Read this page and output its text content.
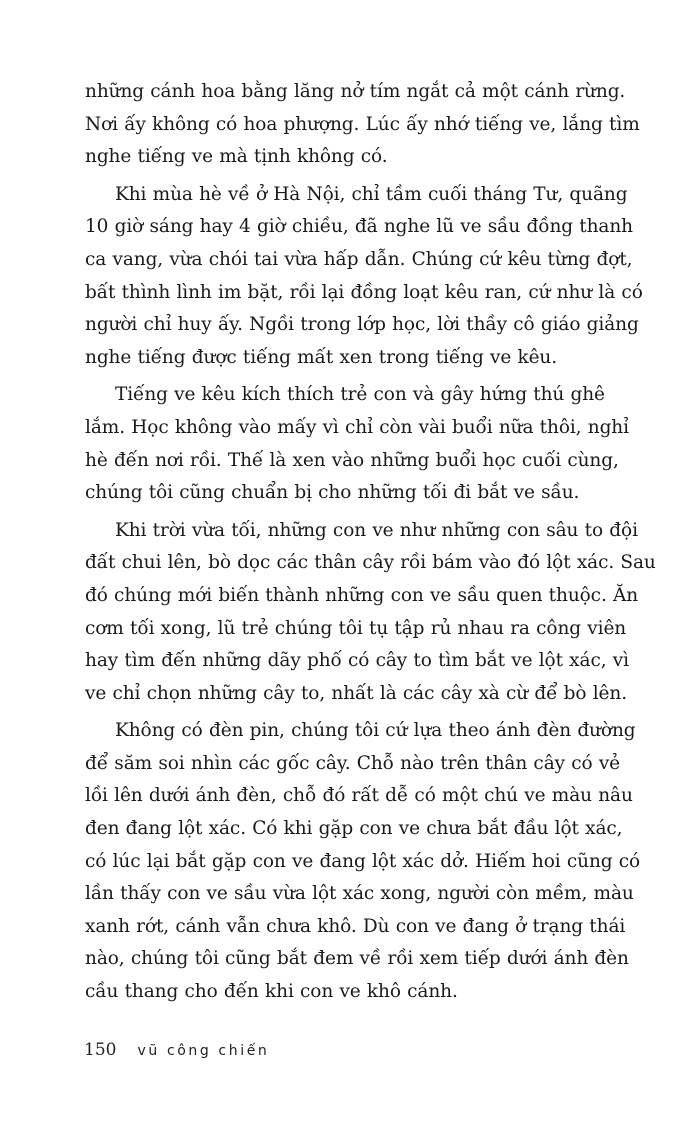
những cánh hoa bằng lăng nở tím ngắt cả một cánh rừng.
Nơi ấy không có hoa phượng. Lúc ấy nhớ tiếng ve, lắng tìm
nghe tiếng ve mà tịnh không có.
Khi mùa hè về ở Hà Nội, chỉ tầm cuối tháng Tư, quãng
10 giờ sáng hay 4 giờ chiều, đã nghe lũ ve sầu đồng thanh
ca vang, vừa chói tai vừa hấp dẫn. Chúng cứ kêu từng đợt,
bất thình lình im bặt, rồi lại đồng loạt kêu ran, cứ như là có
người chỉ huy ấy. Ngồi trong lớp học, lời thầy cô giáo giảng
nghe tiếng được tiếng mất xen trong tiếng ve kêu.
Tiếng ve kêu kích thích trẻ con và gây hứng thú ghê
lắm. Học không vào mấy vì chỉ còn vài buổi nữa thôi, nghỉ
hè đến nơi rồi. Thế là xen vào những buổi học cuối cùng,
chúng tôi cũng chuẩn bị cho những tối đi bắt ve sầu.
Khi trời vừa tối, những con ve như những con sâu to đội
đất chui lên, bò dọc các thân cây rồi bám vào đó lột xác. Sau
đó chúng mới biến thành những con ve sầu quen thuộc. Ăn
cơm tối xong, lũ trẻ chúng tôi tụ tập rủ nhau ra công viên
hay tìm đến những dãy phố có cây to tìm bắt ve lột xác, vì
ve chỉ chọn những cây to, nhất là các cây xà cừ để bò lên.
Không có đèn pin, chúng tôi cứ lựa theo ánh đèn đường
để săm soi nhìn các gốc cây. Chỗ nào trên thân cây có vẻ
lồi lên dưới ánh đèn, chỗ đó rất dễ có một chú ve màu nâu
đen đang lột xác. Có khi gặp con ve chưa bắt đầu lột xác,
có lúc lại bắt gặp con ve đang lột xác dở. Hiếm hoi cũng có
lần thấy con ve sầu vừa lột xác xong, người còn mềm, màu
xanh rớt, cánh vẫn chưa khô. Dù con ve đang ở trạng thái
nào, chúng tôi cũng bắt đem về rồi xem tiếp dưới ánh đèn
cầu thang cho đến khi con ve khô cánh.
150 vũ công chiến
